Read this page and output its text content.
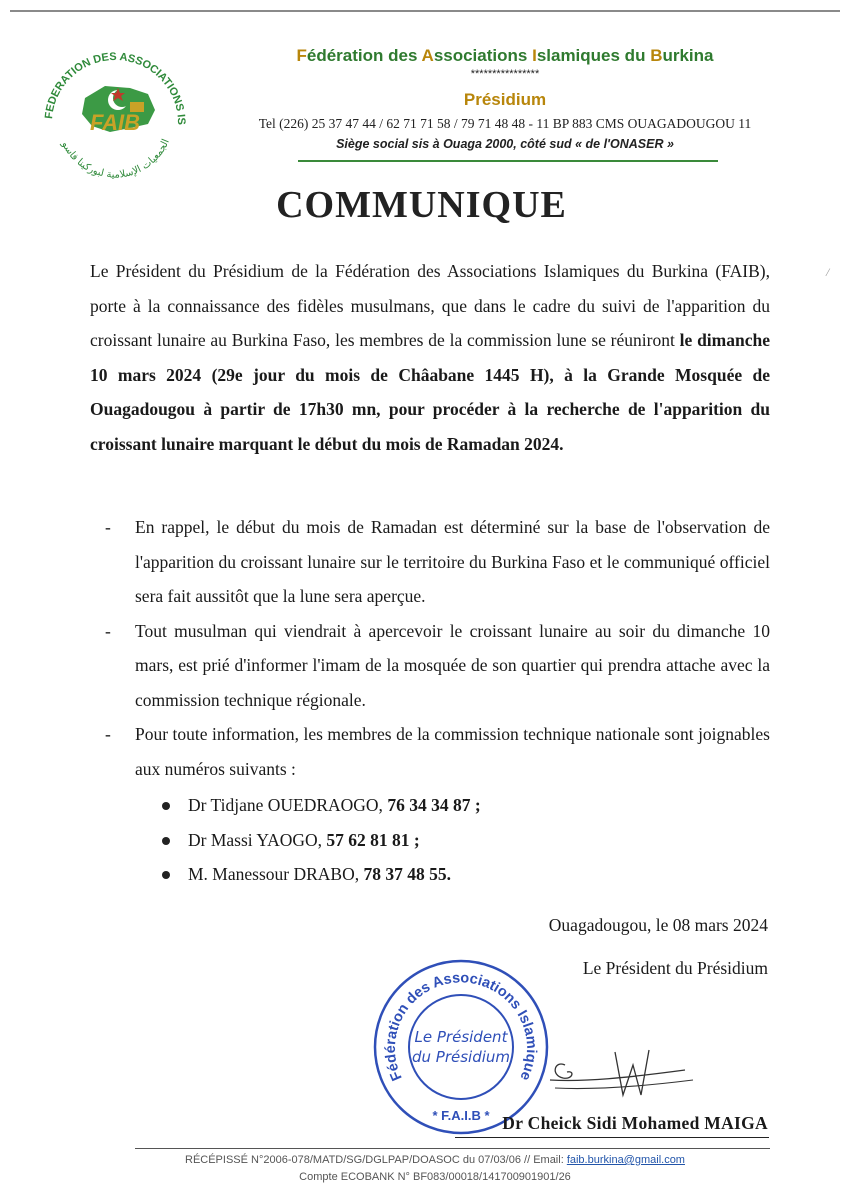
FEDERATION DES ASSOCIATIONS IS
الجمعيات الإسلامية لبوركينا فاسو
FAIB
Fédération des Associations Islamiques du Burkina
****************
Présidium
Tel (226) 25 37 47 44 / 62 71 71 58 / 79 71 48 48 - 11 BP 883 CMS OUAGADOUGOU 11
Siège social sis à Ouaga 2000, côté sud « de l'ONASER »
/
COMMUNIQUE
Le Président du Présidium de la Fédération des Associations Islamiques du Burkina (FAIB), porte à la connaissance des fidèles musulmans, que dans le cadre du suivi de l'apparition du croissant lunaire au Burkina Faso, les membres de la commission lune se réuniront le dimanche 10 mars 2024 (29e jour du mois de Châabane 1445 H), à la Grande Mosquée de Ouagadougou à partir de 17h30 mn, pour procéder à la recherche de l'apparition du croissant lunaire marquant le début du mois de Ramadan 2024.
- En rappel, le début du mois de Ramadan est déterminé sur la base de l'observation de l'apparition du croissant lunaire sur le territoire du Burkina Faso et le communiqué officiel sera fait aussitôt que la lune sera aperçue.
- Tout musulman qui viendrait à apercevoir le croissant lunaire au soir du dimanche 10 mars, est prié d'informer l'imam de la mosquée de son quartier qui prendra attache avec la commission technique régionale.
- Pour toute information, les membres de la commission technique nationale sont joignables aux numéros suivants :
Dr Tidjane OUEDRAOGO, 76 34 34 87 ;
Dr Massi YAOGO, 57 62 81 81 ;
M. Manessour DRABO, 78 37 48 55.
Ouagadougou, le 08 mars 2024
Le Président du Présidium
Fédération des Associations Islamique
* F.A.I.B *
Le Président
du Présidium
Dr Cheick Sidi Mohamed MAIGA
RÉCÉPISSÉ N°2006-078/MATD/SG/DGLPAP/DOASOC du 07/03/06 // Email: faib.burkina@gmail.com
Compte ECOBANK N° BF083/00018/141700901901/26
